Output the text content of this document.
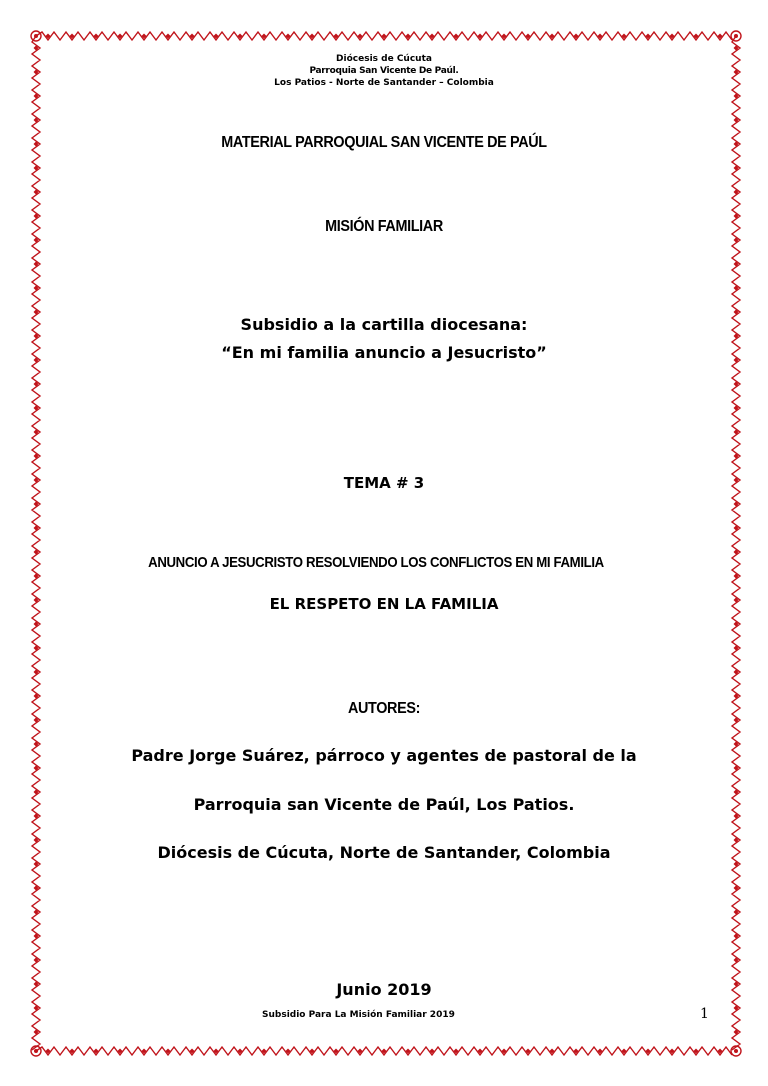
Diócesis de Cúcuta
Parroquia San Vicente De Paúl.
Los Patios - Norte de Santander – Colombia
MATERIAL PARROQUIAL SAN VICENTE DE PAÚL
MISIÓN FAMILIAR
Subsidio a la cartilla diocesana:
“En mi familia anuncio a Jesucristo”
TEMA # 3
ANUNCIO A JESUCRISTO RESOLVIENDO LOS CONFLICTOS EN MI FAMILIA
EL RESPETO EN LA FAMILIA
AUTORES:
Padre Jorge Suárez, párroco y agentes de pastoral de la
Parroquia san Vicente de Paúl, Los Patios.
Diócesis de Cúcuta, Norte de Santander, Colombia
Junio 2019
Subsidio Para La Misión Familiar 2019	1
